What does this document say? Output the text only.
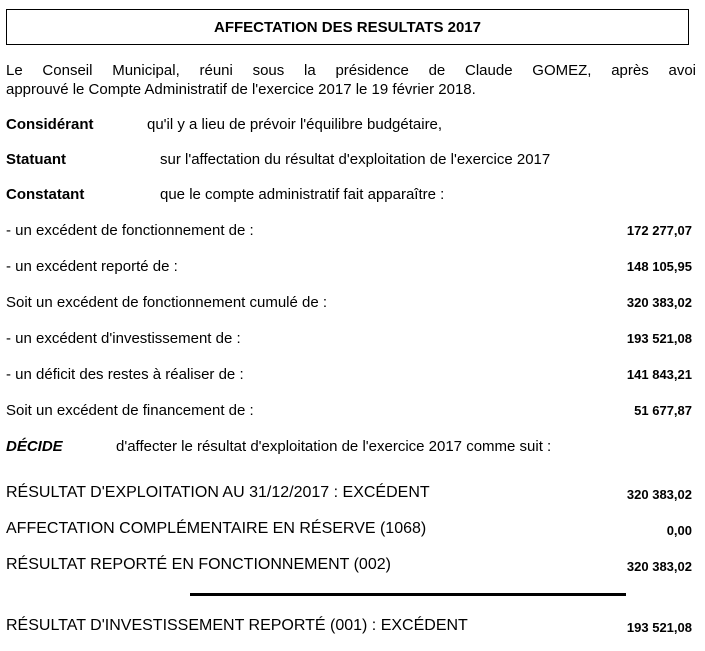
AFFECTATION DES RESULTATS 2017
Le Conseil Municipal, réuni sous la présidence de Claude GOMEZ, après avoi
approuvé le Compte Administratif de l'exercice 2017 le 19 février 2018.
Considérant	qu'il y a lieu de prévoir l'équilibre budgétaire,
Statuant	sur l'affectation du résultat d'exploitation de l'exercice 2017
Constatant	que le compte administratif fait apparaître :
- un excédent de fonctionnement de :	172 277,07
- un excédent reporté de :	148 105,95
Soit un excédent de fonctionnement cumulé de :	320 383,02
- un excédent d'investissement de :	193 521,08
- un déficit des restes à réaliser de :	141 843,21
Soit un excédent de financement de :	51 677,87
DÉCIDE	d'affecter le résultat d'exploitation de l'exercice 2017 comme suit :
RÉSULTAT D'EXPLOITATION AU 31/12/2017 : EXCÉDENT	320 383,02
AFFECTATION COMPLÉMENTAIRE EN RÉSERVE (1068)	0,00
RÉSULTAT REPORTÉ EN FONCTIONNEMENT (002)	320 383,02
RÉSULTAT D'INVESTISSEMENT REPORTÉ (001) : EXCÉDENT	193 521,08
